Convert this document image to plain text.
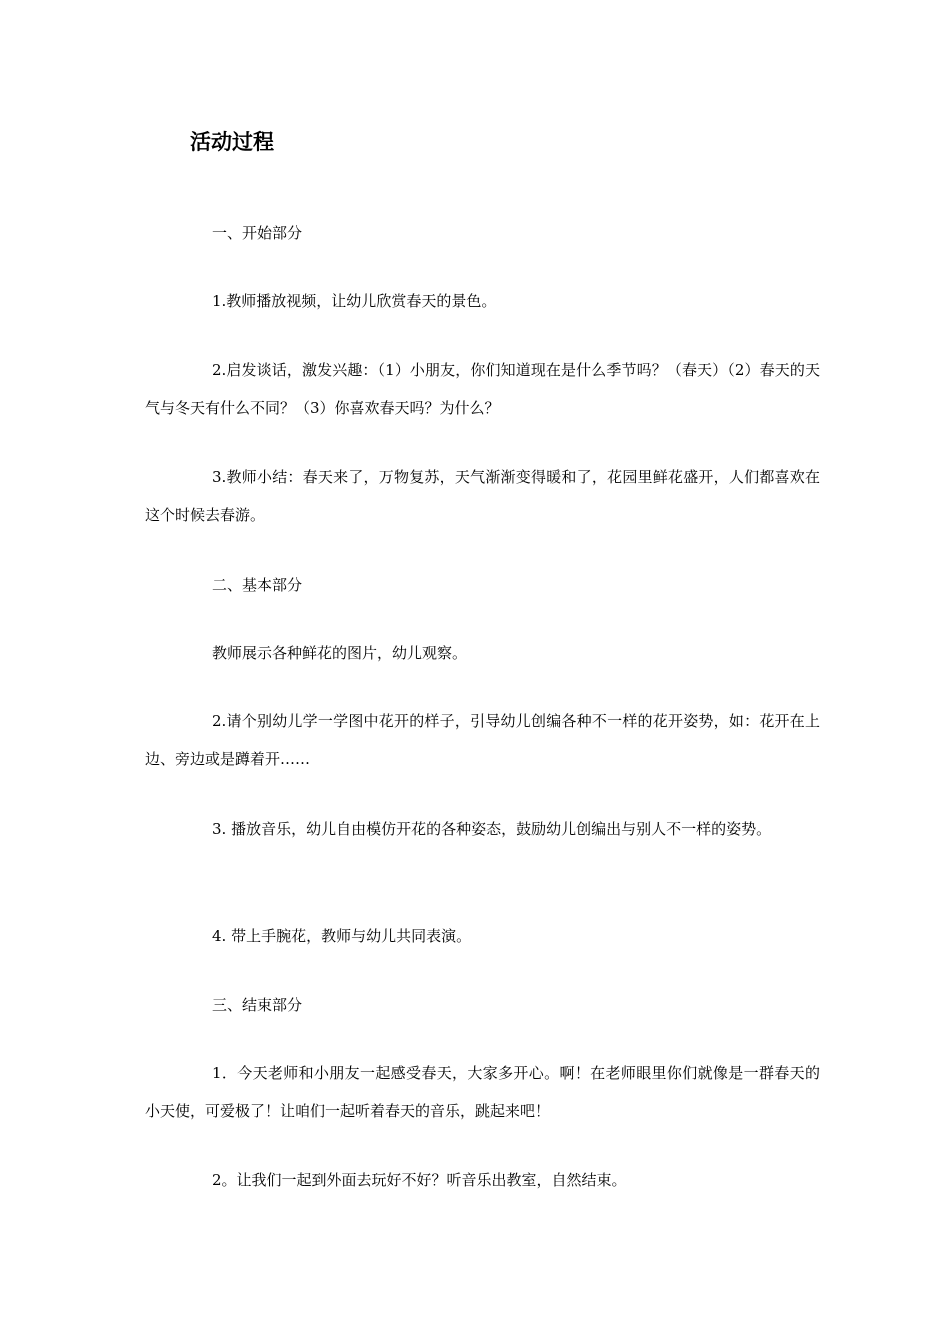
活动过程
一、开始部分
1.教师播放视频，让幼儿欣赏春天的景色。
2.启发谈话，激发兴趣：（1）小朋友，你们知道现在是什么季节吗？（春天）（2）春天的天气与冬天有什么不同？（3）你喜欢春天吗？为什么？
3.教师小结：春天来了，万物复苏，天气渐渐变得暖和了，花园里鲜花盛开，人们都喜欢在这个时候去春游。
二、基本部分
教师展示各种鲜花的图片，幼儿观察。
2.请个别幼儿学一学图中花开的样子，引导幼儿创编各种不一样的花开姿势，如：花开在上边、旁边或是蹲着开……
3. 播放音乐，幼儿自由模仿开花的各种姿态，鼓励幼儿创编出与别人不一样的姿势。
4. 带上手腕花，教师与幼儿共同表演。
三、结束部分
1．今天老师和小朋友一起感受春天，大家多开心。啊！在老师眼里你们就像是一群春天的小天使，可爱极了！让咱们一起听着春天的音乐，跳起来吧！
2。让我们一起到外面去玩好不好？听音乐出教室，自然结束。
